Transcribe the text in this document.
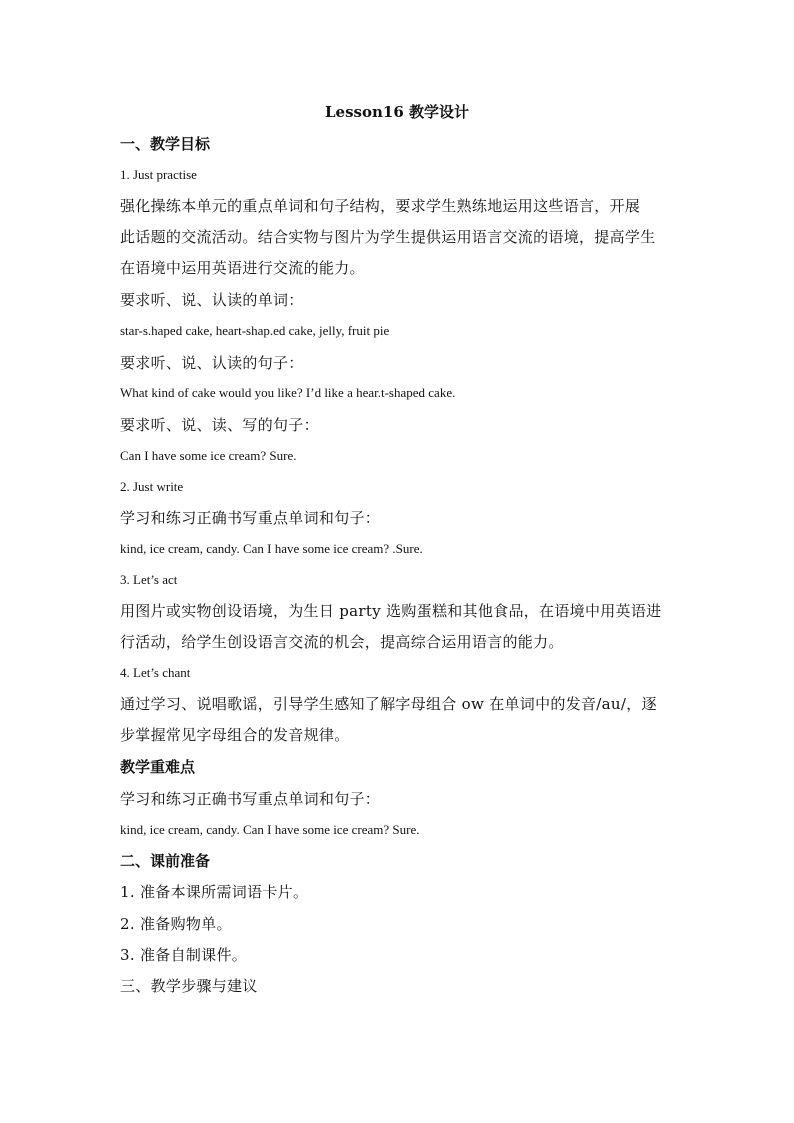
Lesson16 教学设计
一、教学目标
1. Just practise
强化操练本单元的重点单词和句子结构，要求学生熟练地运用这些语言，开展
此话题的交流活动。结合实物与图片为学生提供运用语言交流的语境，提高学生
在语境中运用英语进行交流的能力。
要求听、说、认读的单词：
star-s.haped cake, heart-shap.ed cake, jelly, fruit pie
要求听、说、认读的句子：
What kind of cake would you like? I’d like a hear.t-shaped cake.
要求听、说、读、写的句子：
Can I have some ice cream? Sure.
2. Just write
学习和练习正确书写重点单词和句子：
kind, ice cream, candy. Can I have some ice cream? .Sure.
3. Let’s act
用图片或实物创设语境，为生日 party 选购蛋糕和其他食品，在语境中用英语进
行活动，给学生创设语言交流的机会，提高综合运用语言的能力。
4. Let’s chant
通过学习、说唱歌谣，引导学生感知了解字母组合 ow 在单词中的发音/au/，逐
步掌握常见字母组合的发音规律。
教学重难点
学习和练习正确书写重点单词和句子：
kind, ice cream, candy. Can I have some ice cream? Sure.
二、课前准备
1. 准备本课所需词语卡片。
2. 准备购物单。
3. 准备自制课件。
三、教学步骤与建议
